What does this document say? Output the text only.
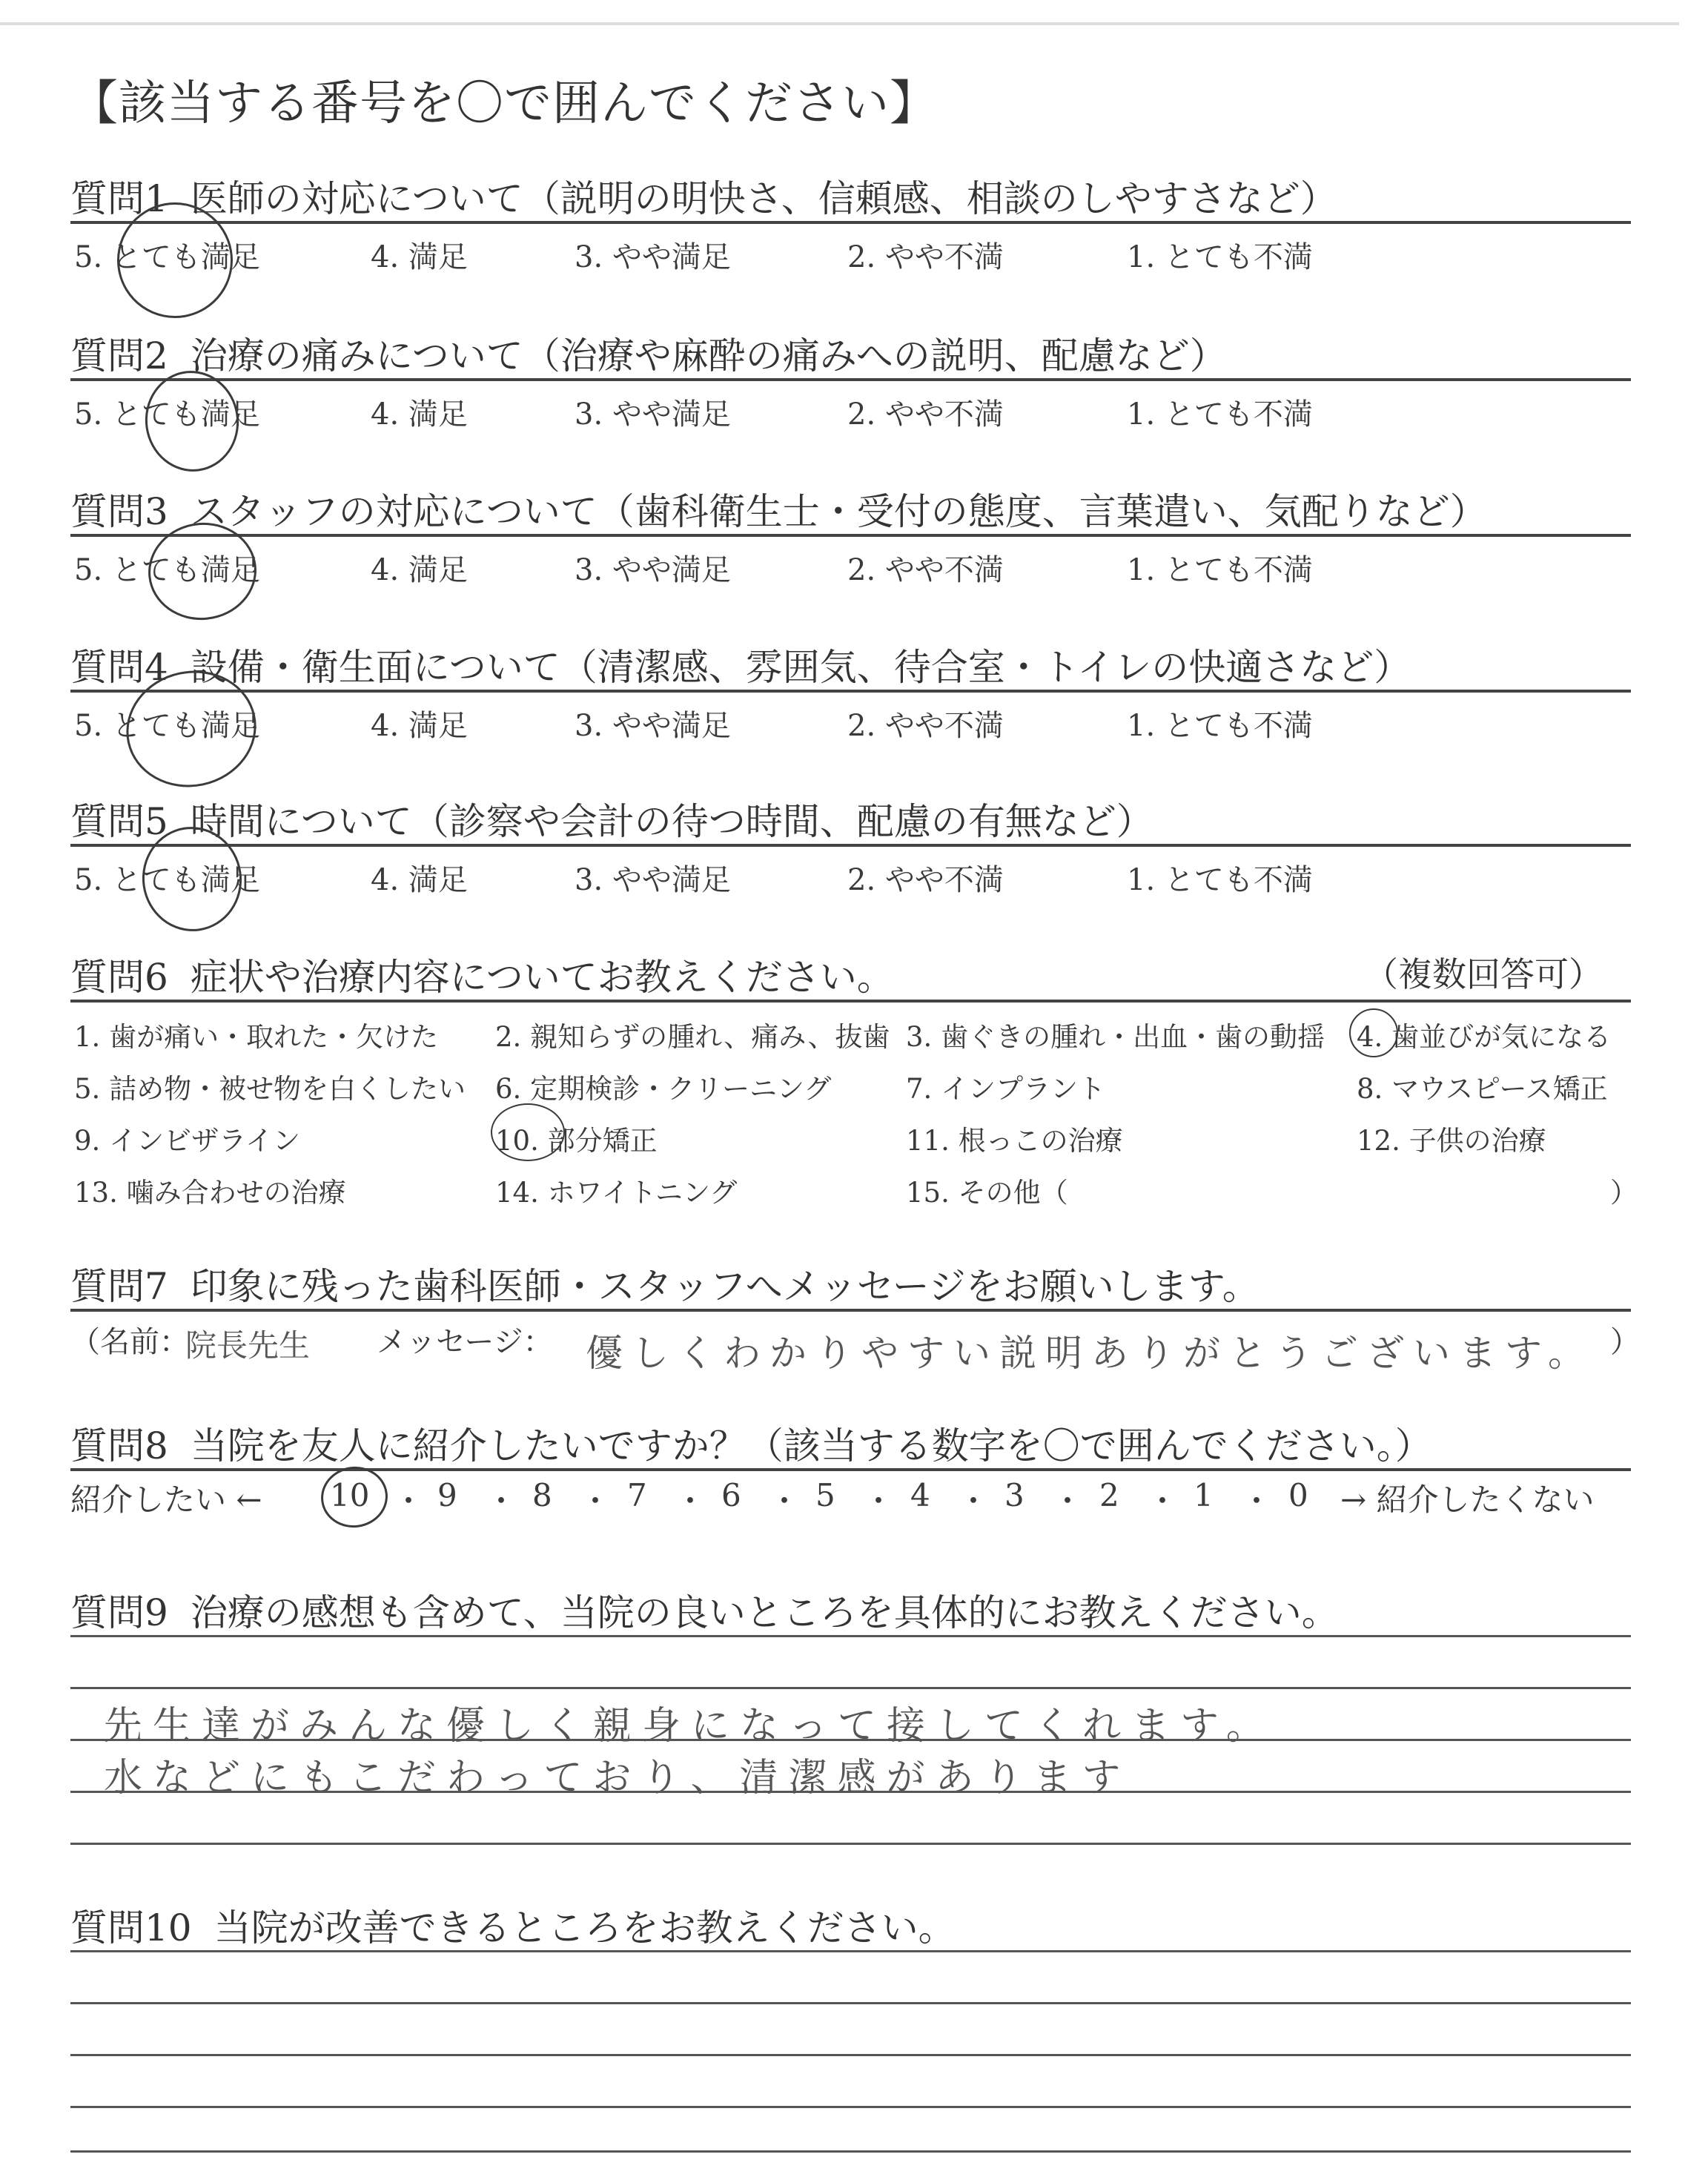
【該当する番号を〇で囲んでください】
質問1 医師の対応について（説明の明快さ、信頼感、相談のしやすさなど）
5. とても満足	4. 満足	3. やや満足	2. やや不満	1. とても不満
質問2 治療の痛みについて（治療や麻酔の痛みへの説明、配慮など）
5. とても満足	4. 満足	3. やや満足	2. やや不満	1. とても不満
質問3 スタッフの対応について（歯科衛生士・受付の態度、言葉遣い、気配りなど）
5. とても満足	4. 満足	3. やや満足	2. やや不満	1. とても不満
質問4 設備・衛生面について（清潔感、雰囲気、待合室・トイレの快適さなど）
5. とても満足	4. 満足	3. やや満足	2. やや不満	1. とても不満
質問5 時間について（診察や会計の待つ時間、配慮の有無など）
5. とても満足	4. 満足	3. やや満足	2. やや不満	1. とても不満
質問6 症状や治療内容についてお教えください。	（複数回答可）
1. 歯が痛い・取れた・欠けた 2. 親知らずの腫れ、痛み、抜歯 3. 歯ぐきの腫れ・出血・歯の動揺 4. 歯並びが気になる
5. 詰め物・被せ物を白くしたい 6. 定期検診・クリーニング	7. インプラント	8. マウスピース矯正
9. インビザライン	10. 部分矯正	11. 根っこの治療	12. 子供の治療
13. 噛み合わせの治療	14. ホワイトニング	15. その他（	）
質問7 印象に残った歯科医師・スタッフへメッセージをお願いします。
（名前：
院長先生 メッセージ： 優しくわかりやすい説明ありがとうございます。 ）
質問8 当院を友人に紹介したいですか？（該当する数字を〇で囲んでください。）
紹介したい ← 10 ・ 9 ・ 8 ・ 7 ・ 6 ・ 5 ・ 4 ・ 3 ・ 2 ・ 1 ・ 0 → 紹介したくない
質問9 治療の感想も含めて、当院の良いところを具体的にお教えください。
先生達がみんな優しく親身になって接してくれます。
水などにもこだわっており、清潔感があります
質問10 当院が改善できるところをお教えください。
